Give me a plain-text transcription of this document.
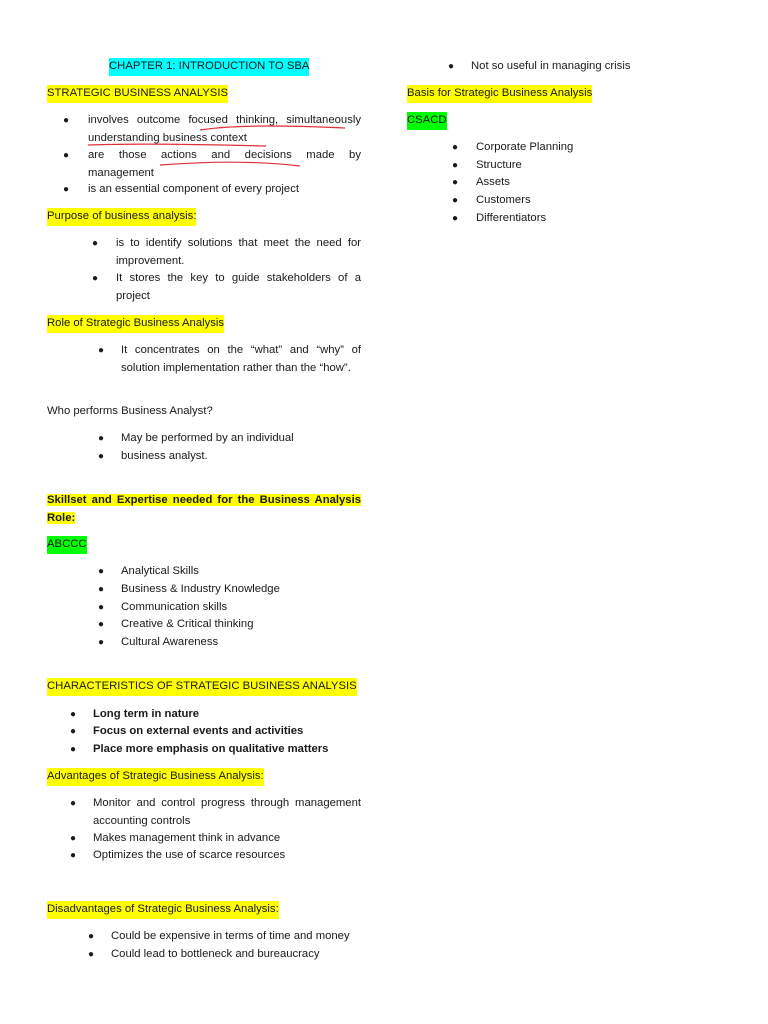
CHAPTER 1: INTRODUCTION TO SBA
STRATEGIC BUSINESS ANALYSIS
● involves outcome focused thinking, simultaneously understanding business context
● are those actions and decisions made by management
● is an essential component of every project
Purpose of business analysis:
● is to identify solutions that meet the need for improvement.
● It stores the key to guide stakeholders of a project
Role of Strategic Business Analysis
● It concentrates on the “what” and “why” of solution implementation rather than the “how”.
Who performs Business Analyst?
● May be performed by an individual
● business analyst.
Skillset and Expertise needed for the Business Analysis Role:
ABCCC
● Analytical Skills
● Business & Industry Knowledge
● Communication skills
● Creative & Critical thinking
● Cultural Awareness
CHARACTERISTICS OF STRATEGIC BUSINESS ANALYSIS
● Long term in nature
● Focus on external events and activities
● Place more emphasis on qualitative matters
Advantages of Strategic Business Analysis:
● Monitor and control progress through management accounting controls
● Makes management think in advance
● Optimizes the use of scarce resources
Disadvantages of Strategic Business Analysis:
● Could be expensive in terms of time and money
● Could lead to bottleneck and bureaucracy
● Not so useful in managing crisis
Basis for Strategic Business Analysis
CSACD
● Corporate Planning
● Structure
● Assets
● Customers
● Differentiators
